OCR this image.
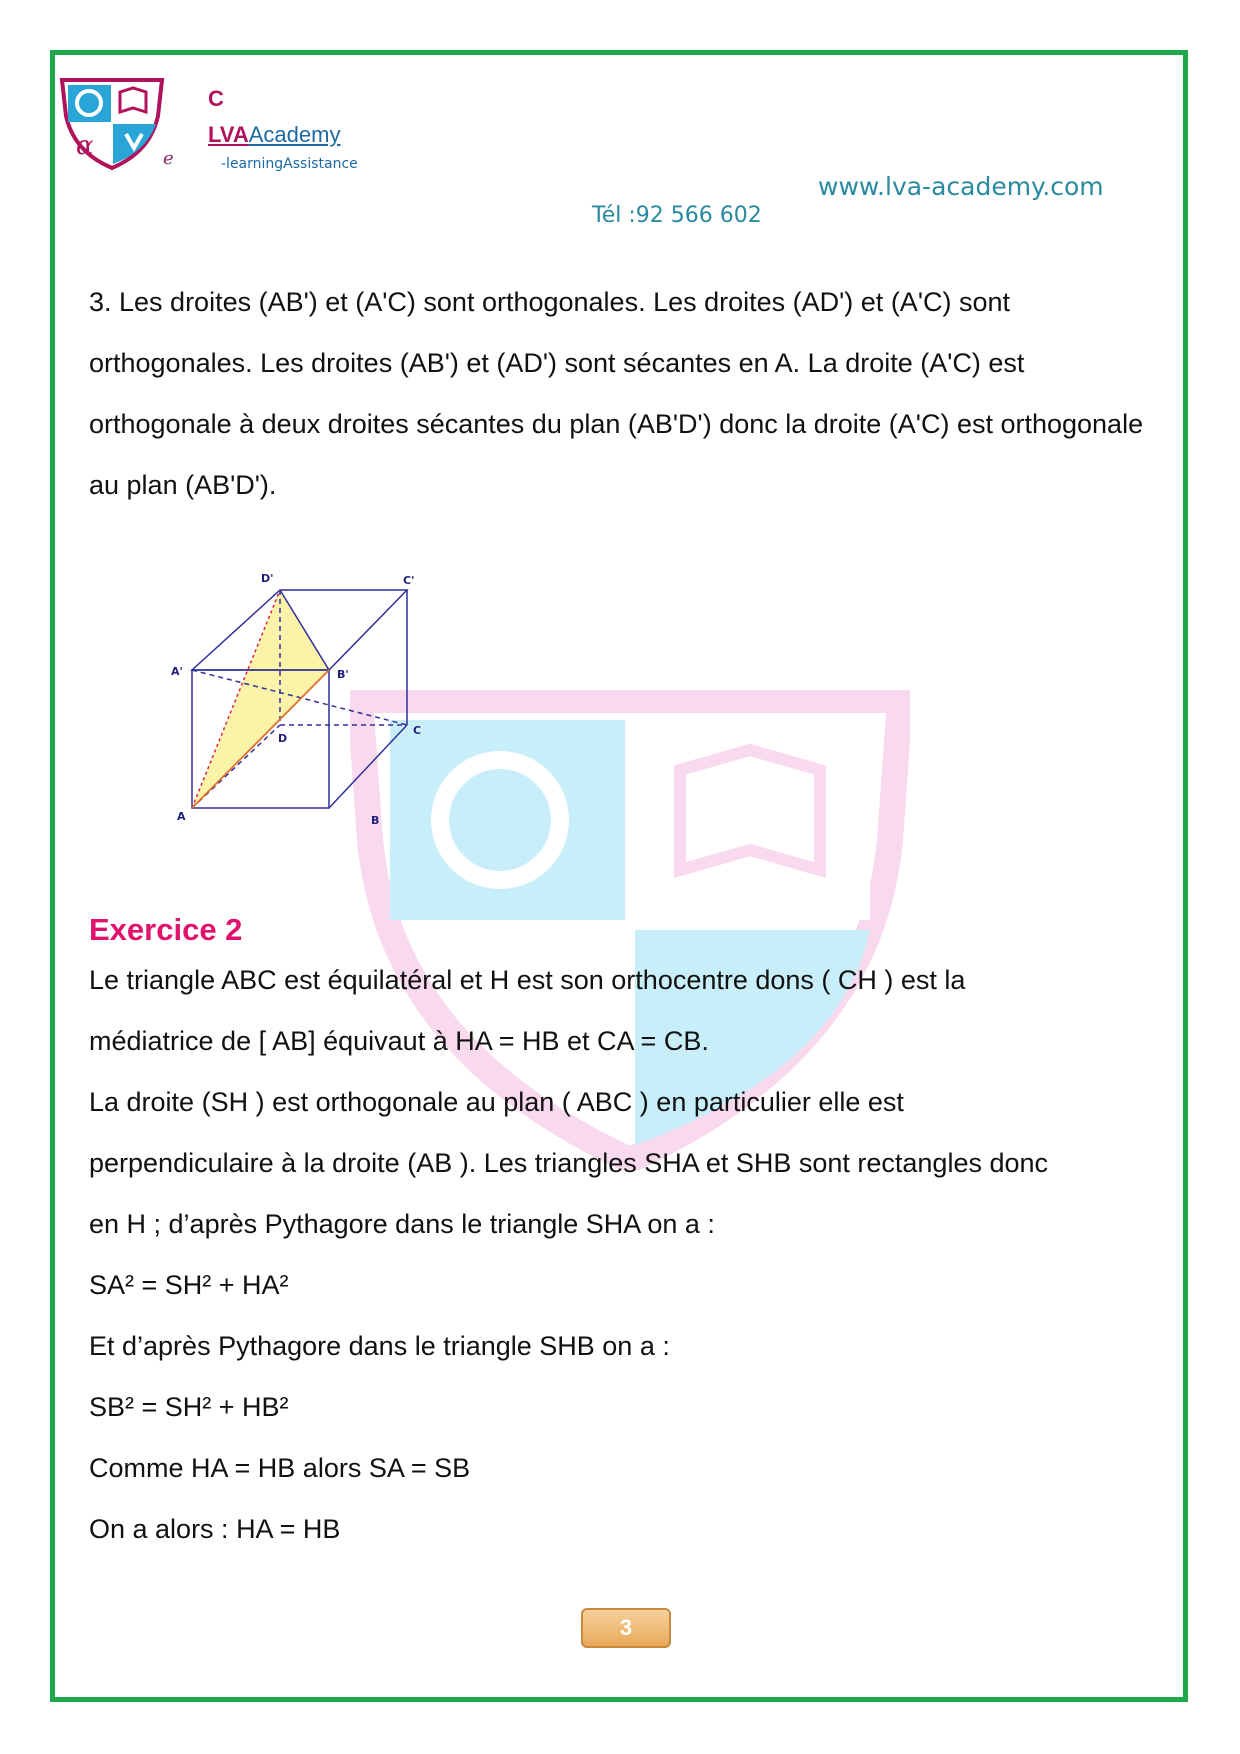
α	e
C
LVAAcademy
-learningAssistance
www.lva-academy.com
Tél :92 566 602

3. Les droites (AB') et (A'C) sont orthogonales. Les droites (AD') et (A'C) sont orthogonales. Les droites (AB') et (AD') sont sécantes en A. La droite (A'C) est orthogonale à deux droites sécantes du plan (AB'D') donc la droite (A'C) est orthogonale au plan (AB'D').

D'	C'
A'	B'
D
C
A	B
Exercice 2

Le triangle ABC est équilatéral et H est son orthocentre dons ( CH ) est la

médiatrice de [ AB] équivaut à HA = HB et CA = CB.

La droite (SH ) est orthogonale au plan ( ABC ) en particulier elle est

perpendiculaire à la droite (AB ). Les triangles SHA et SHB sont rectangles donc

en H ; d’après Pythagore dans le triangle SHA on a :

SA² = SH² + HA²

Et d’après Pythagore dans le triangle SHB on a :

SB² = SH² + HB²

Comme HA = HB alors SA = SB

On a alors : HA = HB

3
